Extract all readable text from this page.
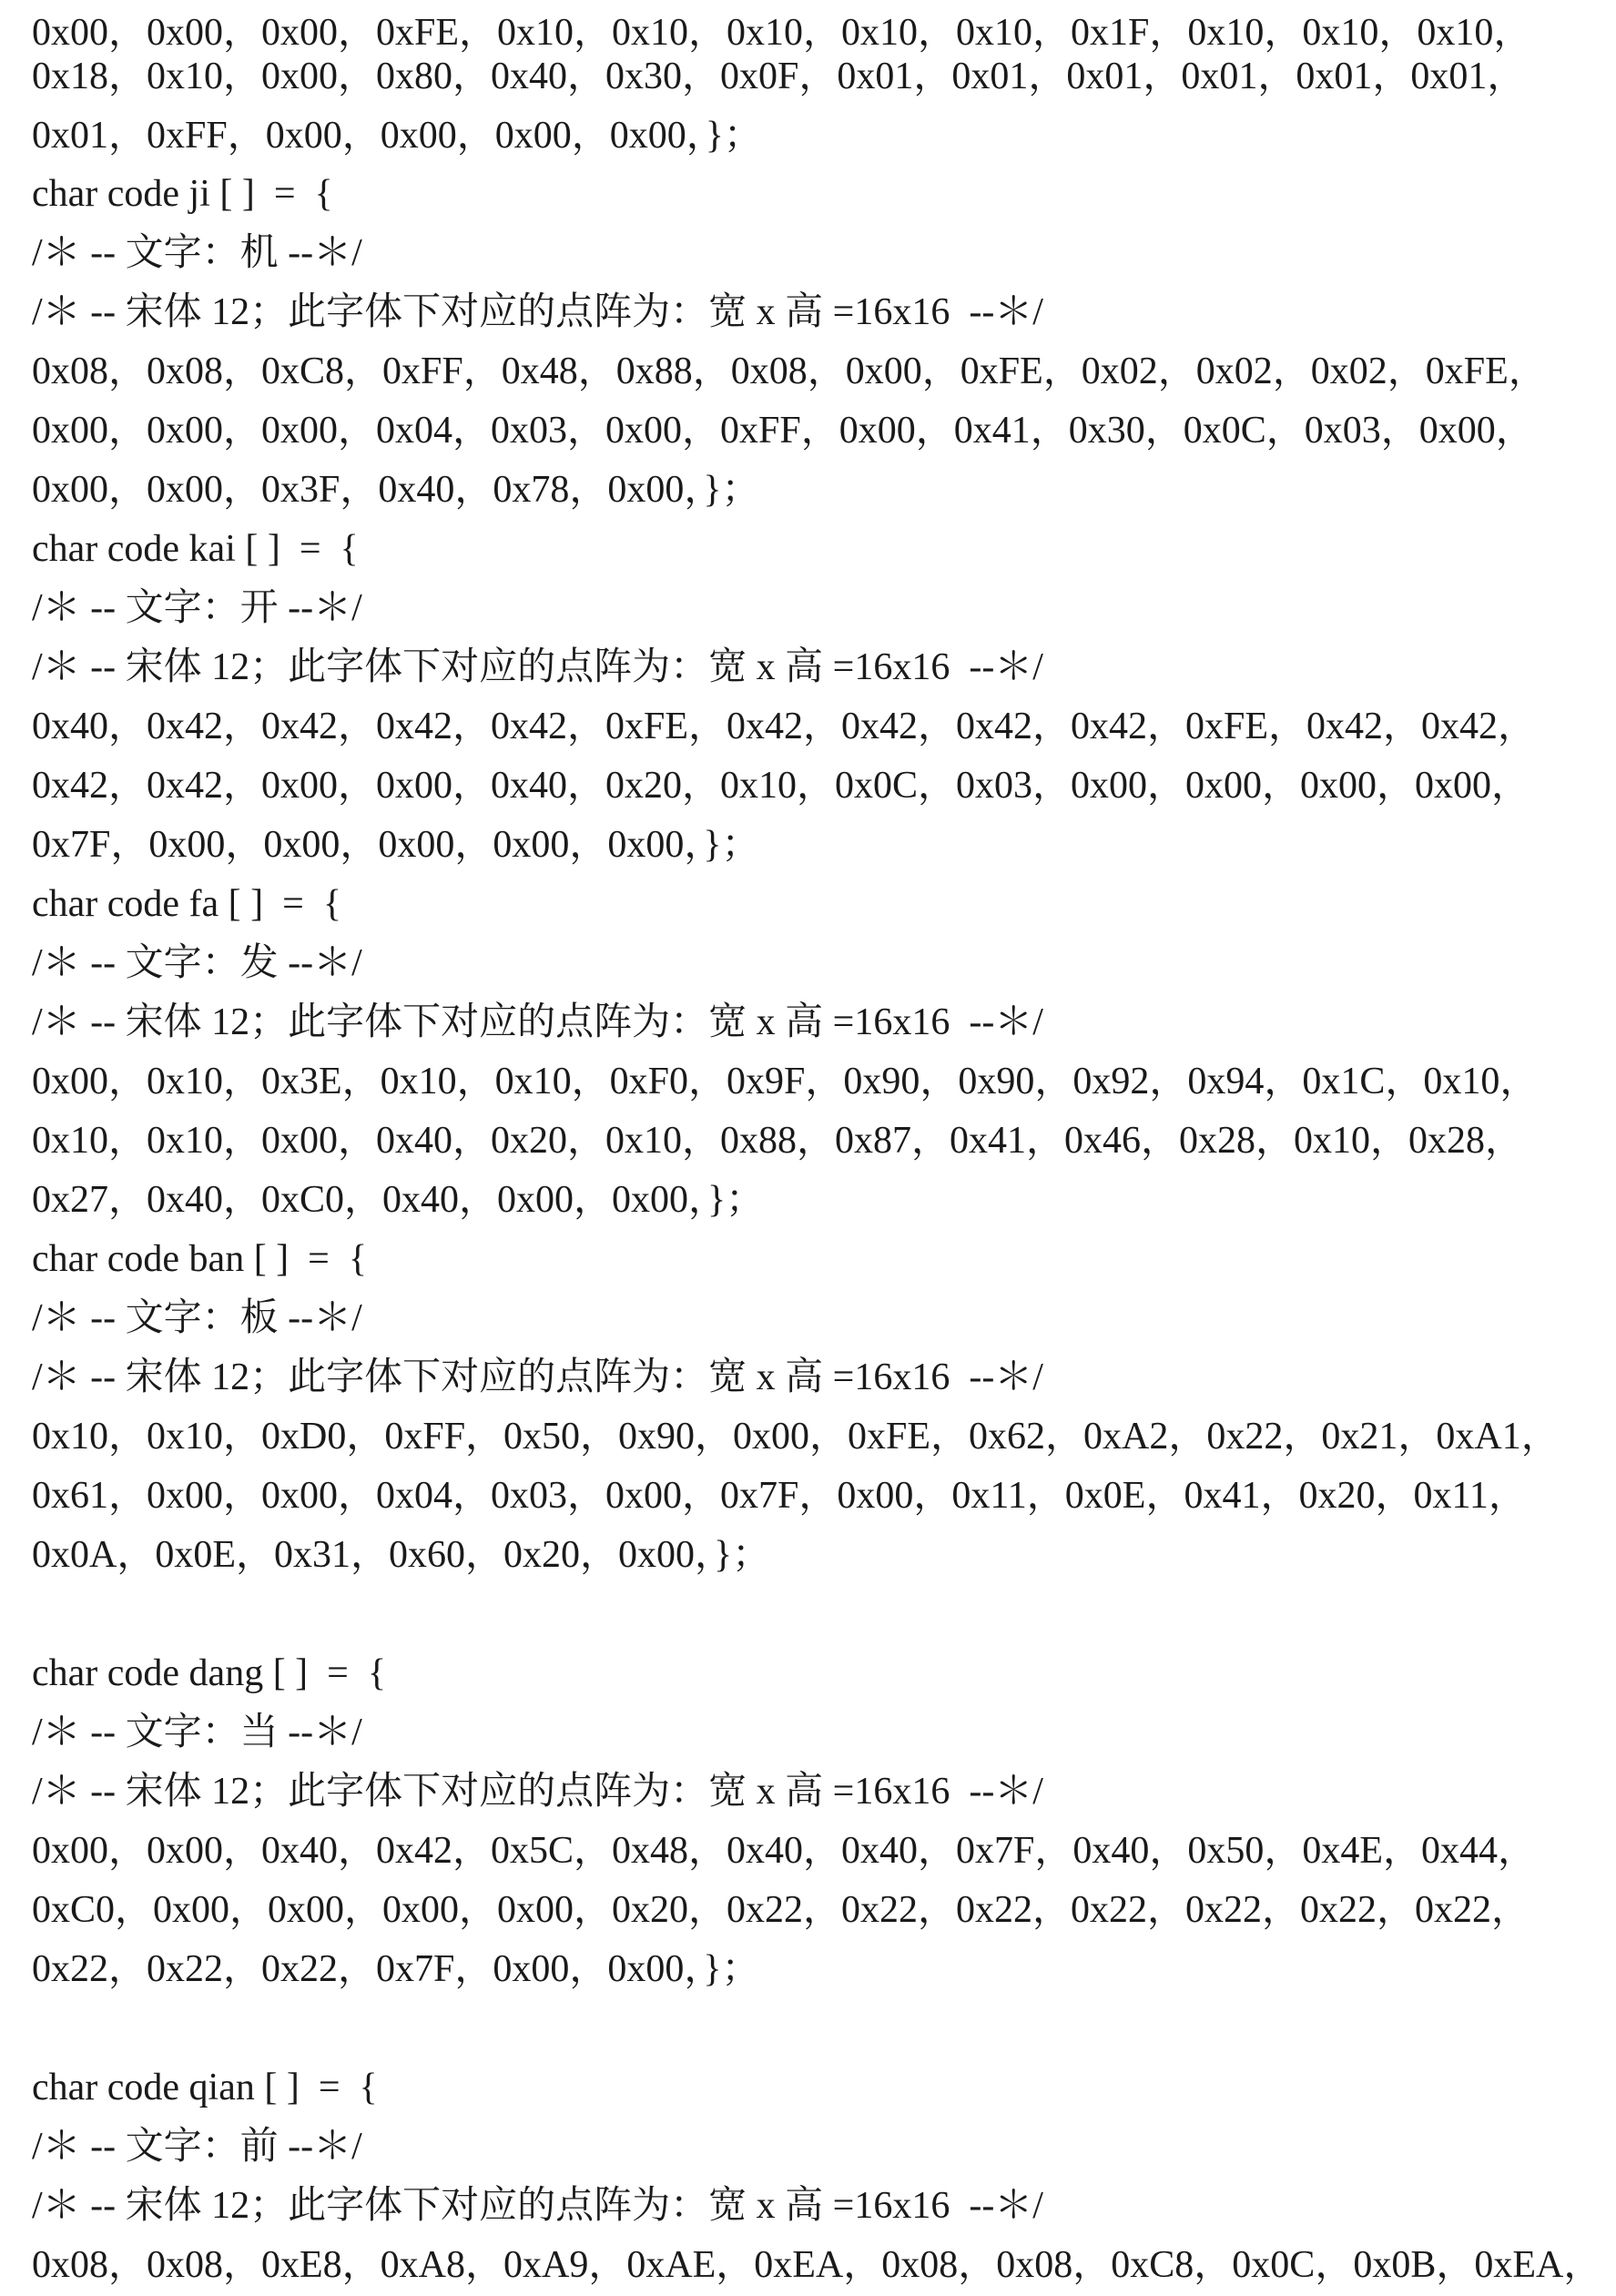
0x00，0x00，0x00，0xFE，0x10，0x10，0x10，0x10，0x10，0x1F，0x10，0x10，0x10，
0x18，0x10，0x00，0x80，0x40，0x30，0x0F，0x01，0x01，0x01，0x01，0x01，0x01，
0x01，0xFF，0x00，0x00，0x00，0x00，}；
char code ji [ ]  =  {
/＊ -- 文字：机 --＊/
/＊ -- 宋体 12；此字体下对应的点阵为：宽 x 高 =16x16  --＊/
0x08，0x08，0xC8，0xFF，0x48，0x88，0x08，0x00，0xFE，0x02，0x02，0x02，0xFE，
0x00，0x00，0x00，0x04，0x03，0x00，0xFF，0x00，0x41，0x30，0x0C，0x03，0x00，
0x00，0x00，0x3F，0x40，0x78，0x00，}；
char code kai [ ]  =  {
/＊ -- 文字：开 --＊/
/＊ -- 宋体 12；此字体下对应的点阵为：宽 x 高 =16x16  --＊/
0x40，0x42，0x42，0x42，0x42，0xFE，0x42，0x42，0x42，0x42，0xFE，0x42，0x42，
0x42，0x42，0x00，0x00，0x40，0x20，0x10，0x0C，0x03，0x00，0x00，0x00，0x00，
0x7F，0x00，0x00，0x00，0x00，0x00，}；
char code fa [ ]  =  {
/＊ -- 文字：发 --＊/
/＊ -- 宋体 12；此字体下对应的点阵为：宽 x 高 =16x16  --＊/
0x00，0x10，0x3E，0x10，0x10，0xF0，0x9F，0x90，0x90，0x92，0x94，0x1C，0x10，
0x10，0x10，0x00，0x40，0x20，0x10，0x88，0x87，0x41，0x46，0x28，0x10，0x28，
0x27，0x40，0xC0，0x40，0x00，0x00，}；
char code ban [ ]  =  {
/＊ -- 文字：板 --＊/
/＊ -- 宋体 12；此字体下对应的点阵为：宽 x 高 =16x16  --＊/
0x10，0x10，0xD0，0xFF，0x50，0x90，0x00，0xFE，0x62，0xA2，0x22，0x21，0xA1，
0x61，0x00，0x00，0x04，0x03，0x00，0x7F，0x00，0x11，0x0E，0x41，0x20，0x11，
0x0A，0x0E，0x31，0x60，0x20，0x00，}；
char code dang [ ]  =  {
/＊ -- 文字：当 --＊/
/＊ -- 宋体 12；此字体下对应的点阵为：宽 x 高 =16x16  --＊/
0x00，0x00，0x40，0x42，0x5C，0x48，0x40，0x40，0x7F，0x40，0x50，0x4E，0x44，
0xC0，0x00，0x00，0x00，0x00，0x20，0x22，0x22，0x22，0x22，0x22，0x22，0x22，
0x22，0x22，0x22，0x7F，0x00，0x00，}；
char code qian [ ]  =  {
/＊ -- 文字：前 --＊/
/＊ -- 宋体 12；此字体下对应的点阵为：宽 x 高 =16x16  --＊/
0x08，0x08，0xE8，0xA8，0xA9，0xAE，0xEA，0x08，0x08，0xC8，0x0C，0x0B，0xEA，
